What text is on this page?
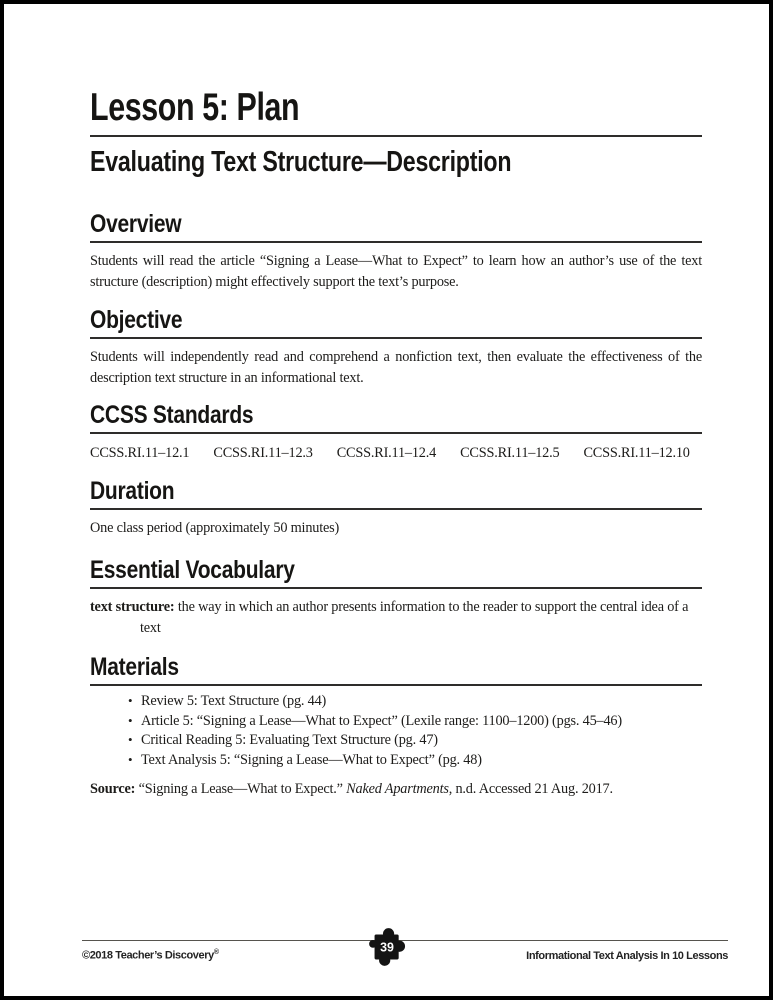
Lesson 5: Plan
Evaluating Text Structure—Description
Overview

Students will read the article “Signing a Lease—What to Expect” to learn how an author’s use of the text structure (description) might effectively support the text’s purpose.

Objective

Students will independently read and comprehend a nonfiction text, then evaluate the effectiveness of the description text structure in an informational text.

CCSS Standards
CCSS.RI.11–12.1 CCSS.RI.11–12.3 CCSS.RI.11–12.4 CCSS.RI.11–12.5 CCSS.RI.11–12.10
Duration

One class period (approximately 50 minutes)

Essential Vocabulary

text structure: the way in which an author presents information to the reader to support the central idea of a text

Materials
• Review 5: Text Structure (pg. 44)
• Article 5: “Signing a Lease—What to Expect” (Lexile range: 1100–1200) (pgs. 45–46)
• Critical Reading 5: Evaluating Text Structure (pg. 47)
• Text Analysis 5: “Signing a Lease—What to Expect” (pg. 48)

Source: “Signing a Lease—What to Expect.” Naked Apartments, n.d. Accessed 21 Aug. 2017.

©2018 Teacher’s Discovery®	39
Informational Text Analysis In 10 Lessons
